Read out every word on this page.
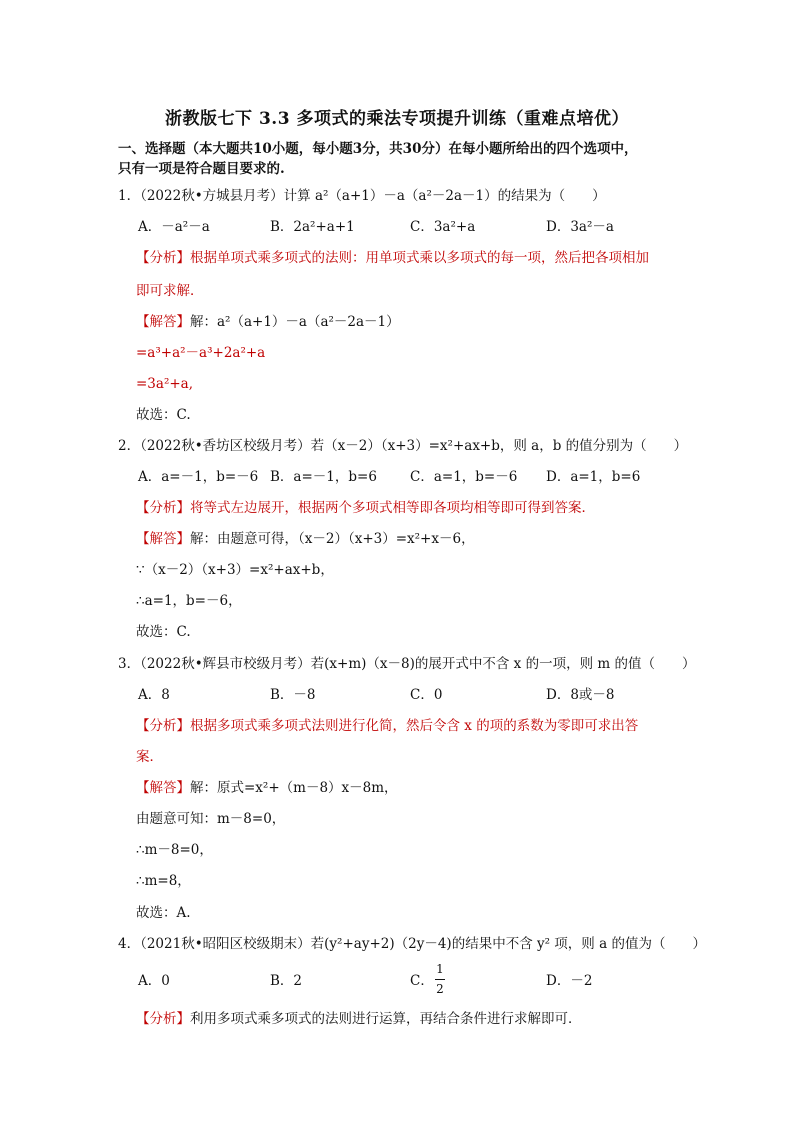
浙教版七下 3.3 多项式的乘法专项提升训练（重难点培优）
一、选择题（本大题共10小题，每小题3分，共30分）在每小题所给出的四个选项中，
只有一项是符合题目要求的.
1．（2022秋•方城县月考）计算 a²（a+1）－a（a²－2a－1）的结果为（　　）
A．－a²－a	B．2a²+a+1	C．3a²+a	D．3a²－a
【分析】根据单项式乘多项式的法则：用单项式乘以多项式的每一项，然后把各项相加
即可求解．
【解答】解：a²（a+1）－a（a²－2a－1）
=a³+a²－a³+2a²+a
=3a²+a,
故选：C.
2．（2022秋•香坊区校级月考）若（x－2）（x+3）=x²+ax+b，则 a，b 的值分别为（　　）
A．a=－1，b=－6 B．a=－1，b=6 C．a=1，b=－6 D．a=1，b=6
【分析】将等式左边展开，根据两个多项式相等即各项均相等即可得到答案．
【解答】解：由题意可得，（x－2）（x+3）=x²+x－6，
∵（x－2）（x+3）=x²+ax+b，
∴a=1，b=－6，
故选：C.
3．（2022秋•辉县市校级月考）若(x+m)（x－8)的展开式中不含 x 的一项，则 m 的值（　　）
A．8	B．－8	C．0	D．8或－8
【分析】根据多项式乘多项式法则进行化简，然后令含 x 的项的系数为零即可求出答
案．
【解答】解：原式=x²+（m－8）x－8m，
由题意可知：m－8=0，
∴m－8=0，
∴m=8，
故选：A.
4．（2021秋•昭阳区校级期末）若(y²+ay+2)（2y－4)的结果中不含 y² 项，则 a 的值为（　　）
A．0	B．2	C．
1
2	D．－2
【分析】利用多项式乘多项式的法则进行运算，再结合条件进行求解即可．
